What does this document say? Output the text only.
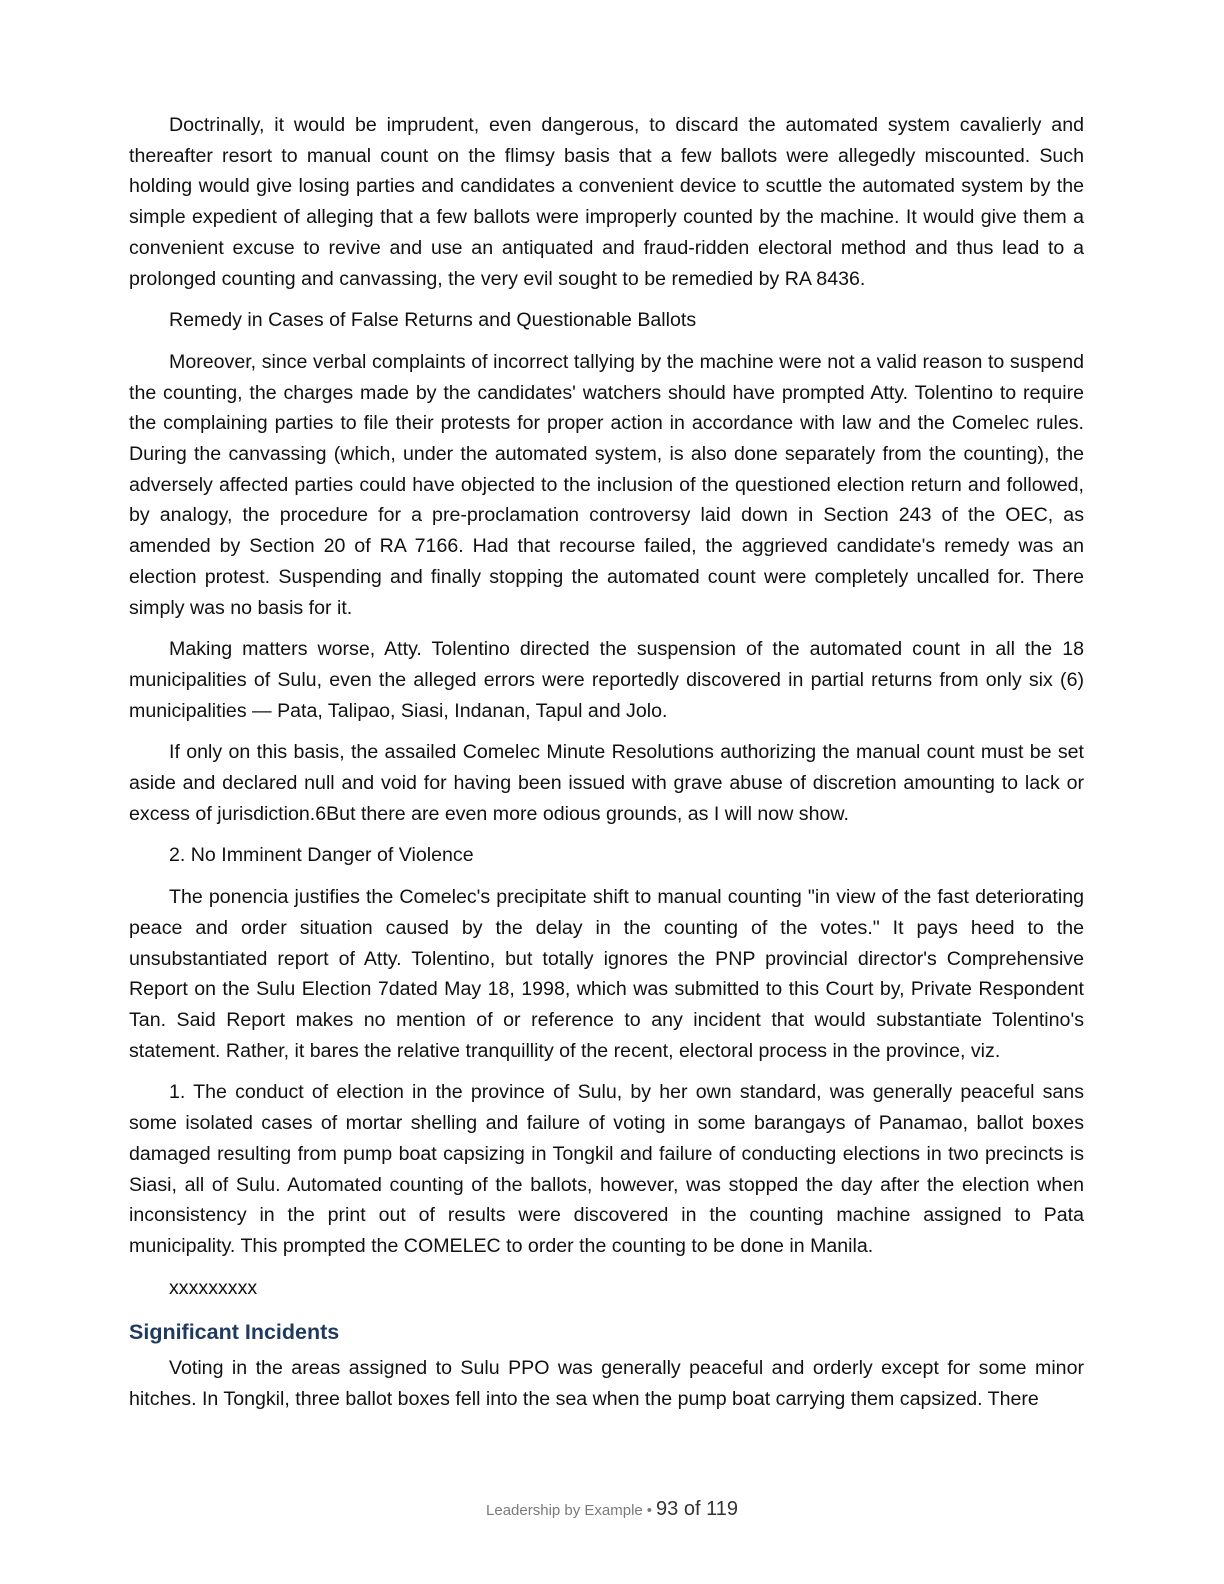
Doctrinally, it would be imprudent, even dangerous, to discard the automated system cavalierly and thereafter resort to manual count on the flimsy basis that a few ballots were allegedly miscounted. Such holding would give losing parties and candidates a convenient device to scuttle the automated system by the simple expedient of alleging that a few ballots were improperly counted by the machine. It would give them a convenient excuse to revive and use an antiquated and fraud-ridden electoral method and thus lead to a prolonged counting and canvassing, the very evil sought to be remedied by RA 8436.

Remedy in Cases of False Returns and Questionable Ballots

Moreover, since verbal complaints of incorrect tallying by the machine were not a valid reason to suspend the counting, the charges made by the candidates' watchers should have prompted Atty. Tolentino to require the complaining parties to file their protests for proper action in accordance with law and the Comelec rules. During the canvassing (which, under the automated system, is also done separately from the counting), the adversely affected parties could have objected to the inclusion of the questioned election return and followed, by analogy, the procedure for a pre-proclamation controversy laid down in Section 243 of the OEC, as amended by Section 20 of RA 7166. Had that recourse failed, the aggrieved candidate's remedy was an election protest. Suspending and finally stopping the automated count were completely uncalled for. There simply was no basis for it.

Making matters worse, Atty. Tolentino directed the suspension of the automated count in all the 18 municipalities of Sulu, even the alleged errors were reportedly discovered in partial returns from only six (6) municipalities — Pata, Talipao, Siasi, Indanan, Tapul and Jolo.

If only on this basis, the assailed Comelec Minute Resolutions authorizing the manual count must be set aside and declared null and void for having been issued with grave abuse of discretion amounting to lack or excess of jurisdiction.6But there are even more odious grounds, as I will now show.

2. No Imminent Danger of Violence

The ponencia justifies the Comelec's precipitate shift to manual counting "in view of the fast deteriorating peace and order situation caused by the delay in the counting of the votes." It pays heed to the unsubstantiated report of Atty. Tolentino, but totally ignores the PNP provincial director's Comprehensive Report on the Sulu Election 7dated May 18, 1998, which was submitted to this Court by, Private Respondent Tan. Said Report makes no mention of or reference to any incident that would substantiate Tolentino's statement. Rather, it bares the relative tranquillity of the recent, electoral process in the province, viz.

1. The conduct of election in the province of Sulu, by her own standard, was generally peaceful sans some isolated cases of mortar shelling and failure of voting in some barangays of Panamao, ballot boxes damaged resulting from pump boat capsizing in Tongkil and failure of conducting elections in two precincts is Siasi, all of Sulu. Automated counting of the ballots, however, was stopped the day after the election when inconsistency in the print out of results were discovered in the counting machine assigned to Pata municipality. This prompted the COMELEC to order the counting to be done in Manila.

xxxxxxxxx

Significant Incidents

Voting in the areas assigned to Sulu PPO was generally peaceful and orderly except for some minor hitches. In Tongkil, three ballot boxes fell into the sea when the pump boat carrying them capsized. There

Leadership by Example • 93 of 119
